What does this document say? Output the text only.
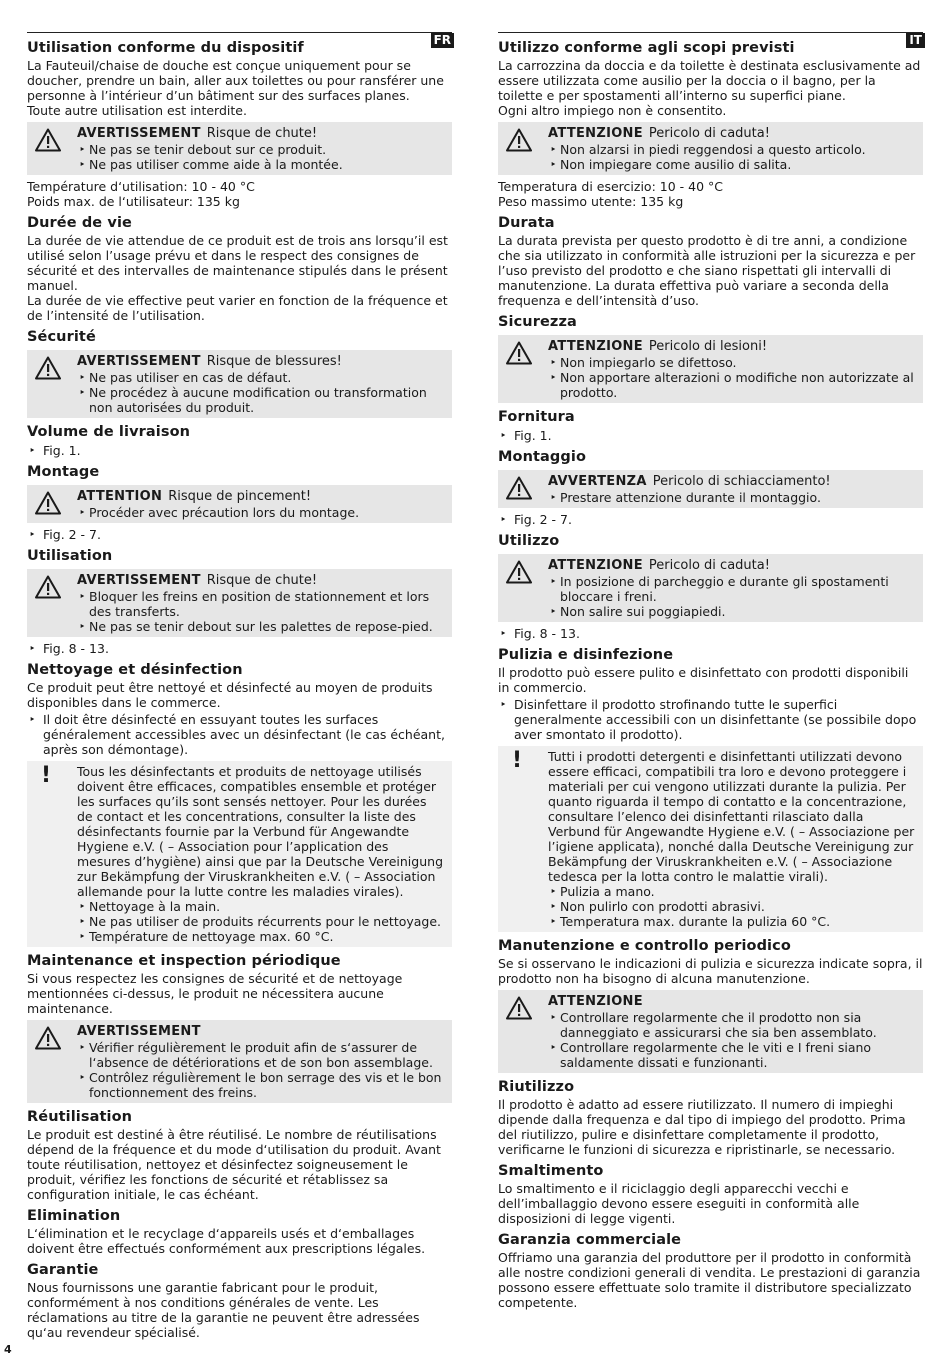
FR
Utilisation conforme du dispositif

La Fauteuil/chaise de douche est conçue uniquement pour se doucher, prendre un bain, aller aux toilettes ou pour ransférer une personne à l’intérieur d’un bâtiment sur des surfaces planes.

Toute autre utilisation est interdite.

AVERTISSEMENT Risque de chute!
‣ Ne pas se tenir debout sur ce produit.
‣ Ne pas utiliser comme aide à la montée.

Température d‘utilisation: 10 - 40 °C

Poids max. de l‘utilisateur: 135 kg

Durée de vie

La durée de vie attendue de ce produit est de trois ans lorsqu’il est utilisé selon l’usage prévu et dans le respect des consignes de sécurité et des intervalles de maintenance stipulés dans le présent manuel.

La durée de vie effective peut varier en fonction de la fréquence et de l’intensité de l’utilisation.

Sécurité
AVERTISSEMENT Risque de blessures!
‣ Ne pas utiliser en cas de défaut.
‣ Ne procédez à aucune modification ou transformation non autorisées du produit.
Volume de livraison
‣ Fig. 1.
Montage
ATTENTION Risque de pincement!
‣ Procéder avec précaution lors du montage.
‣ Fig. 2 - 7.
Utilisation
AVERTISSEMENT Risque de chute!
‣ Bloquer les freins en position de stationnement et lors des transferts.
‣ Ne pas se tenir debout sur les palettes de repose-pied.
‣ Fig. 8 - 13.
Nettoyage et désinfection

Ce produit peut être nettoyé et désinfecté au moyen de produits disponibles dans le commerce.

‣ Il doit être désinfecté en essuyant toutes les surfaces généralement accessibles avec un désinfectant (le cas échéant, après son démontage).
! Tous les désinfectants et produits de nettoyage utilisés doivent être efficaces, compatibles ensemble et protéger les surfaces qu’ils sont sensés nettoyer. Pour les durées de contact et les concentrations, consulter la liste des désinfectants fournie par la Verbund für Angewandte Hygiene e.V. ( – Association pour l’application des mesures d’hygiène) ainsi que par la Deutsche Vereinigung zur Bekämpfung der Viruskrankheiten e.V. ( – Association allemande pour la lutte contre les maladies virales).

‣ Nettoyage à la main.
‣ Ne pas utiliser de produits récurrents pour le nettoyage.
‣ Température de nettoyage max. 60 °C.
Maintenance et inspection périodique

Si vous respectez les consignes de sécurité et de nettoyage mentionnées ci-dessus, le produit ne nécessitera aucune maintenance.

AVERTISSEMENT
‣ Vérifier régulièrement le produit afin de s‘assurer de l‘absence de détériorations et de son bon assemblage.
‣ Contrôlez régulièrement le bon serrage des vis et le bon fonctionnement des freins.
Réutilisation

Le produit est destiné à être réutilisé. Le nombre de réutilisations dépend de la fréquence et du mode d‘utilisation du produit. Avant toute réutilisation, nettoyez et désinfectez soigneusement le produit, vérifiez les fonctions de sécurité et rétablissez sa configuration initiale, le cas échéant.

Elimination

L‘élimination et le recyclage d‘appareils usés et d‘emballages doivent être effectués conformément aux prescriptions légales.

Garantie

Nous fournissons une garantie fabricant pour le produit, conformément à nos conditions générales de vente. Les réclamations au titre de la garantie ne peuvent être adressées qu‘au revendeur spécialisé.

IT
Utilizzo conforme agli scopi previsti

La carrozzina da doccia e da toilette è destinata esclusivamente ad essere utilizzata come ausilio per la doccia o il bagno, per la toilette e per spostamenti all’interno su superfici piane.

Ogni altro impiego non è consentito.

ATTENZIONE Pericolo di caduta!
‣ Non alzarsi in piedi reggendosi a questo articolo.
‣ Non impiegare come ausilio di salita.

Temperatura di esercizio: 10 - 40 °C

Peso massimo utente: 135 kg

Durata

La durata prevista per questo prodotto è di tre anni, a condizione che sia utilizzato in conformità alle istruzioni per la sicurezza e per l’uso previsto del prodotto e che siano rispettati gli intervalli di manutenzione. La durata effettiva può variare a seconda della frequenza e dell’intensità d’uso.

Sicurezza
ATTENZIONE Pericolo di lesioni!
‣ Non impiegarlo se difettoso.
‣ Non apportare alterazioni o modifiche non autorizzate al prodotto.
Fornitura
‣ Fig. 1.
Montaggio
AVVERTENZA Pericolo di schiacciamento!
‣ Prestare attenzione durante il montaggio.
‣ Fig. 2 - 7.
Utilizzo
ATTENZIONE Pericolo di caduta!
‣ In posizione di parcheggio e durante gli spostamenti bloccare i freni.
‣ Non salire sui poggiapiedi.
‣ Fig. 8 - 13.
Pulizia e disinfezione

Il prodotto può essere pulito e disinfettato con prodotti disponibili in commercio.

‣ Disinfettare il prodotto strofinando tutte le superfici generalmente accessibili con un disinfettante (se possibile dopo aver smontato il prodotto).
! Tutti i prodotti detergenti e disinfettanti utilizzati devono essere efficaci, compatibili tra loro e devono proteggere i materiali per cui vengono utilizzati durante la pulizia. Per quanto riguarda il tempo di contatto e la concentrazione, consultare l’elenco dei disinfettanti rilasciato dalla Verbund für Angewandte Hygiene e.V. ( – Associazione per l’igiene applicata), nonché dalla Deutsche Vereinigung zur Bekämpfung der Viruskrankheiten e.V. ( – Associazione tedesca per la lotta contro le malattie virali).

‣ Pulizia a mano.
‣ Non pulirlo con prodotti abrasivi.
‣ Temperatura max. durante la pulizia 60 °C.
Manutenzione e controllo periodico

Se si osservano le indicazioni di pulizia e sicurezza indicate sopra, il prodotto non ha bisogno di alcuna manutenzione.

ATTENZIONE
‣ Controllare regolarmente che il prodotto non sia danneggiato e assicurarsi che sia ben assemblato.
‣ Controllare regolarmente che le viti e I freni siano saldamente dissati e funzionanti.
Riutilizzo

Il prodotto è adatto ad essere riutilizzato. Il numero di impieghi dipende dalla frequenza e dal tipo di impiego del prodotto. Prima del riutilizzo, pulire e disinfettare completamente il prodotto, verificarne le funzioni di sicurezza e ripristinarle, se necessario.

Smaltimento

Lo smaltimento e il riciclaggio degli apparecchi vecchi e dell’imballaggio devono essere eseguiti in conformità alle disposizioni di legge vigenti.

Garanzia commerciale

Offriamo una garanzia del produttore per il prodotto in conformità alle nostre condizioni generali di vendita. Le prestazioni di garanzia possono essere effettuate solo tramite il distributore specializzato competente.

4
